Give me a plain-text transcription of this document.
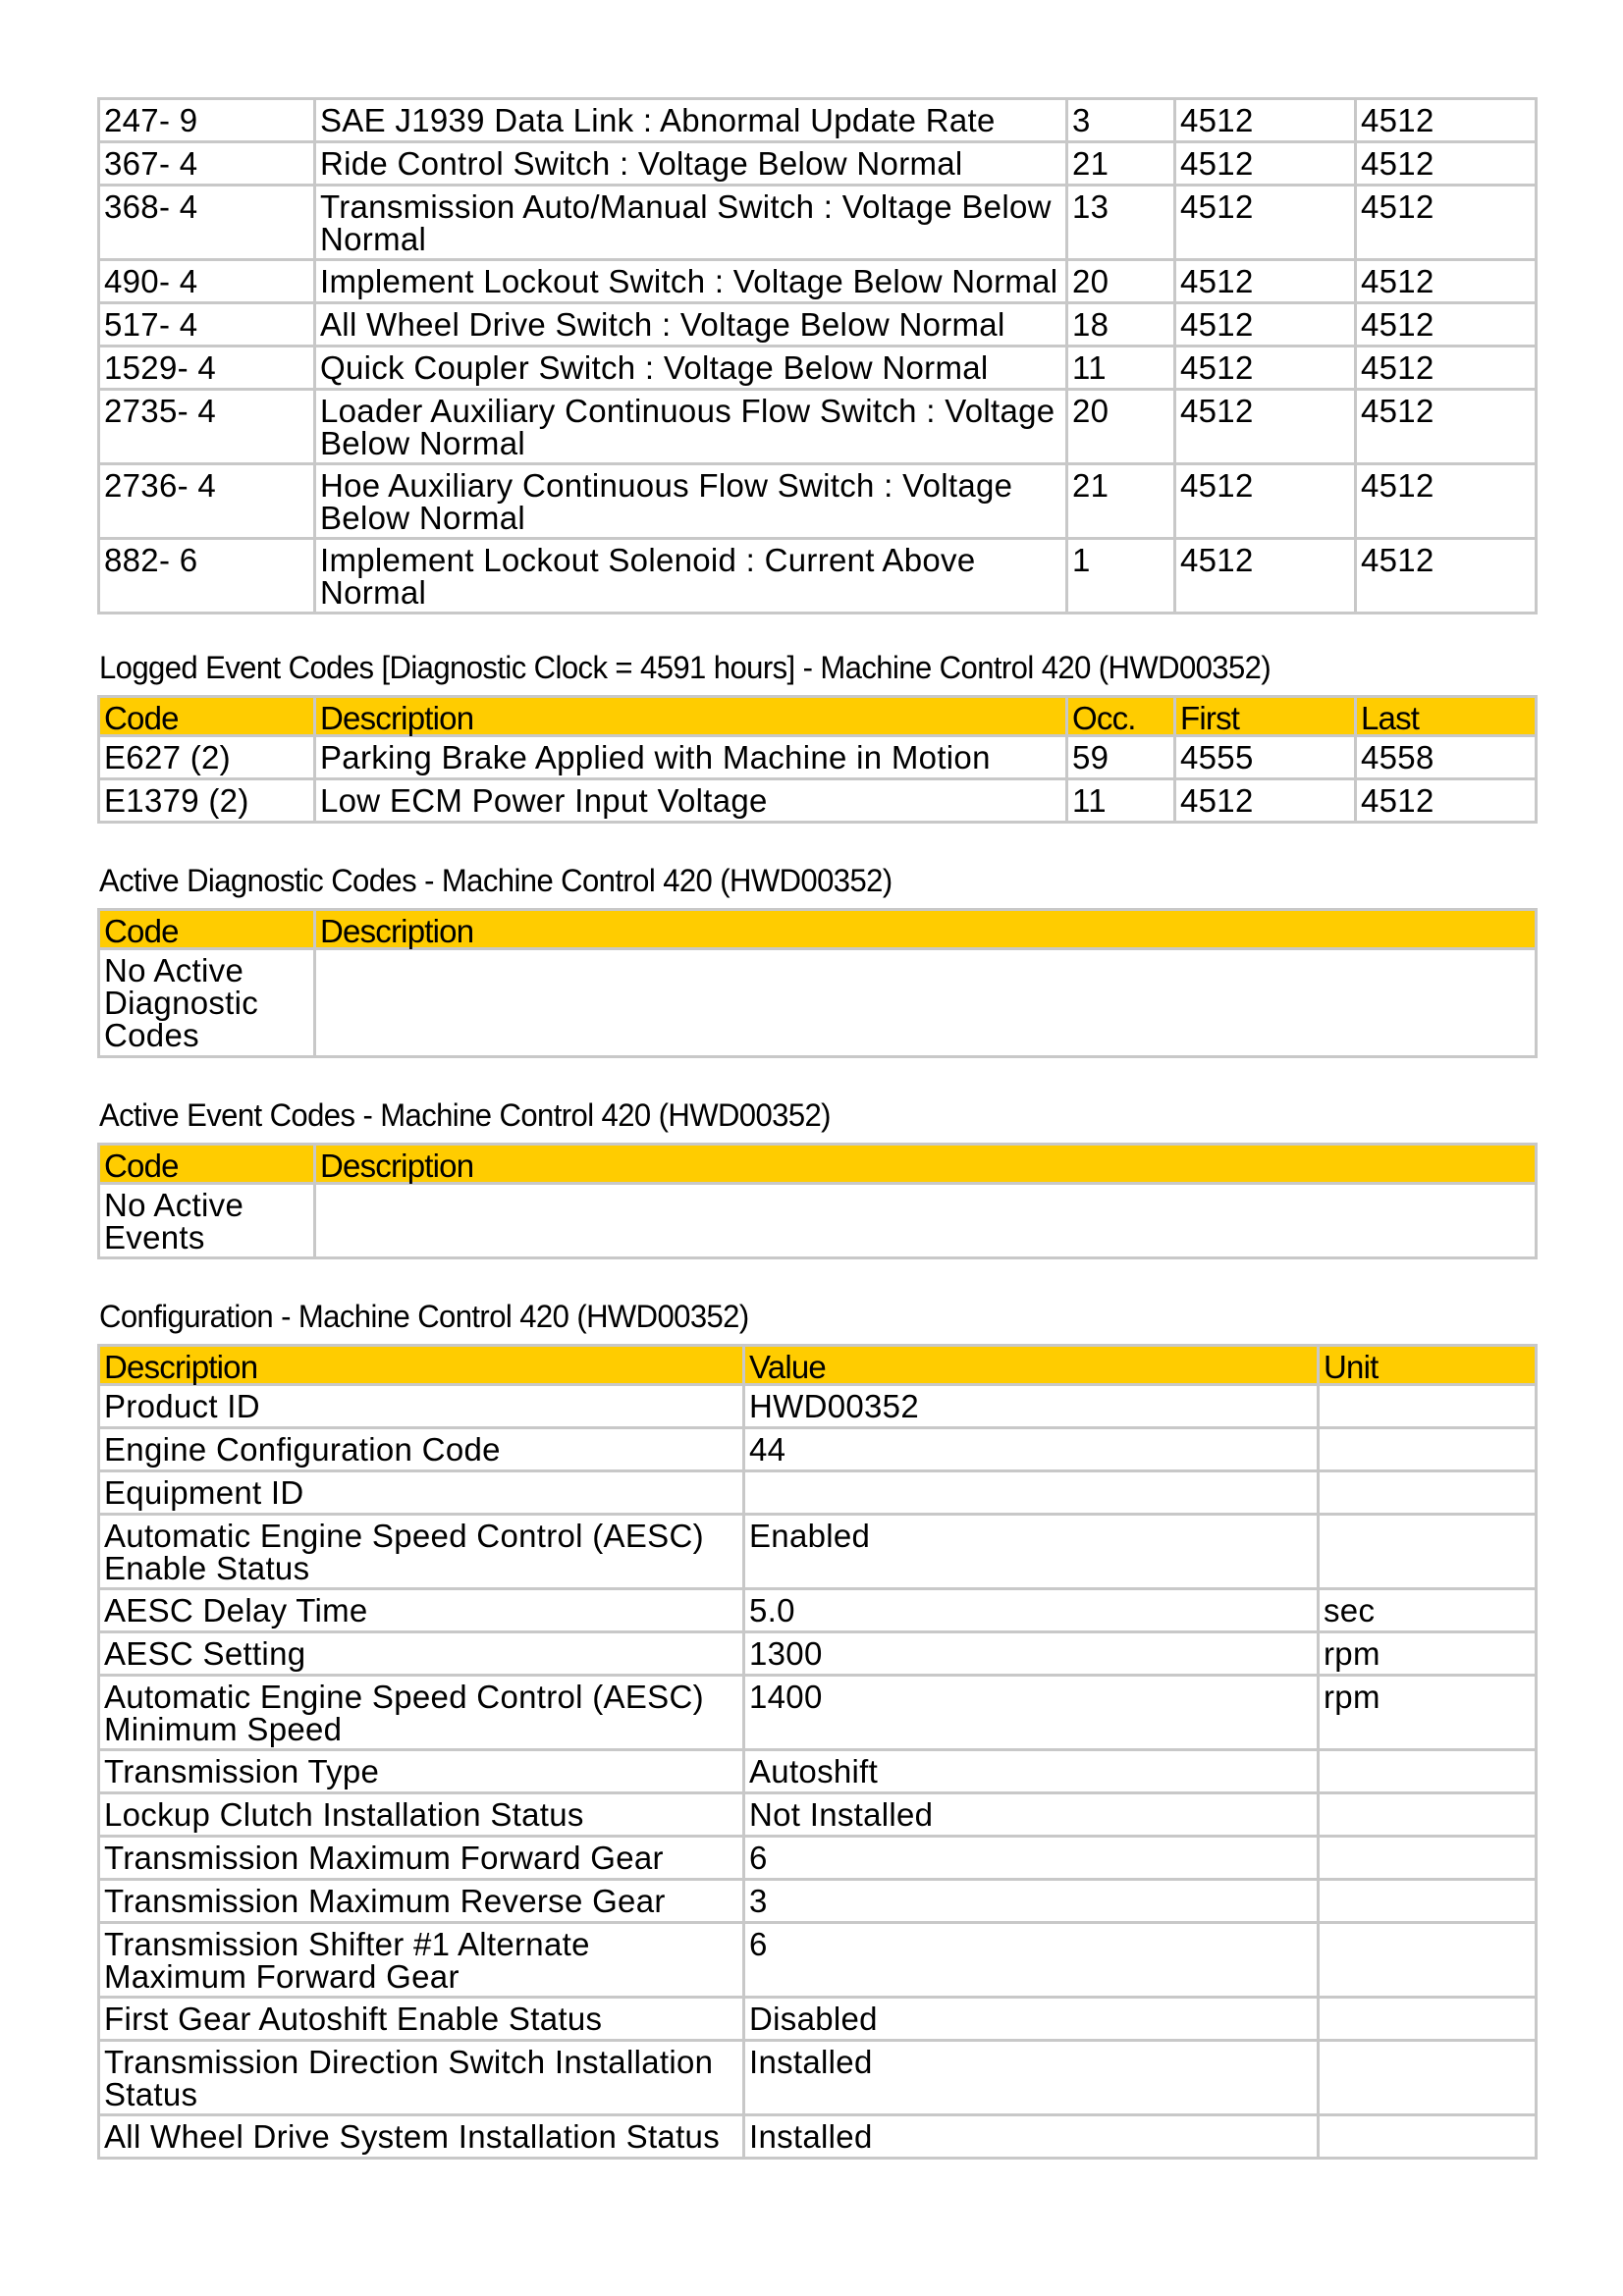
247- 9	SAE J1939 Data Link : Abnormal Update Rate	3	4512	4512
367- 4	Ride Control Switch : Voltage Below Normal	21	4512	4512
368- 4	Transmission Auto/Manual Switch : Voltage Below Normal	13	4512	4512
490- 4	Implement Lockout Switch : Voltage Below Normal	20	4512	4512
517- 4	All Wheel Drive Switch : Voltage Below Normal	18	4512	4512
1529- 4	Quick Coupler Switch : Voltage Below Normal	11	4512	4512
2735- 4	Loader Auxiliary Continuous Flow Switch : Voltage Below Normal	20	4512	4512
2736- 4	Hoe Auxiliary Continuous Flow Switch : Voltage Below Normal	21	4512	4512
882- 6	Implement Lockout Solenoid : Current Above Normal	1	4512	4512
Logged Event Codes [Diagnostic Clock = 4591 hours] - Machine Control 420 (HWD00352)
Code	Description	Occ.	First	Last
E627 (2)	Parking Brake Applied with Machine in Motion	59	4555	4558
E1379 (2)	Low ECM Power Input Voltage	11	4512	4512
Active Diagnostic Codes - Machine Control 420 (HWD00352)
Code	Description
No Active Diagnostic Codes	
Active Event Codes - Machine Control 420 (HWD00352)
Code	Description
No Active Events	
Configuration - Machine Control 420 (HWD00352)
Description	Value	Unit
Product ID	HWD00352	
Engine Configuration Code	44	
Equipment ID		
Automatic Engine Speed Control (AESC) Enable Status	Enabled	
AESC Delay Time	5.0	sec
AESC Setting	1300	rpm
Automatic Engine Speed Control (AESC) Minimum Speed	1400	rpm
Transmission Type	Autoshift	
Lockup Clutch Installation Status	Not Installed	
Transmission Maximum Forward Gear	6	
Transmission Maximum Reverse Gear	3	
Transmission Shifter #1 Alternate Maximum Forward Gear	6	
First Gear Autoshift Enable Status	Disabled	
Transmission Direction Switch Installation Status	Installed	
All Wheel Drive System Installation Status	Installed	
